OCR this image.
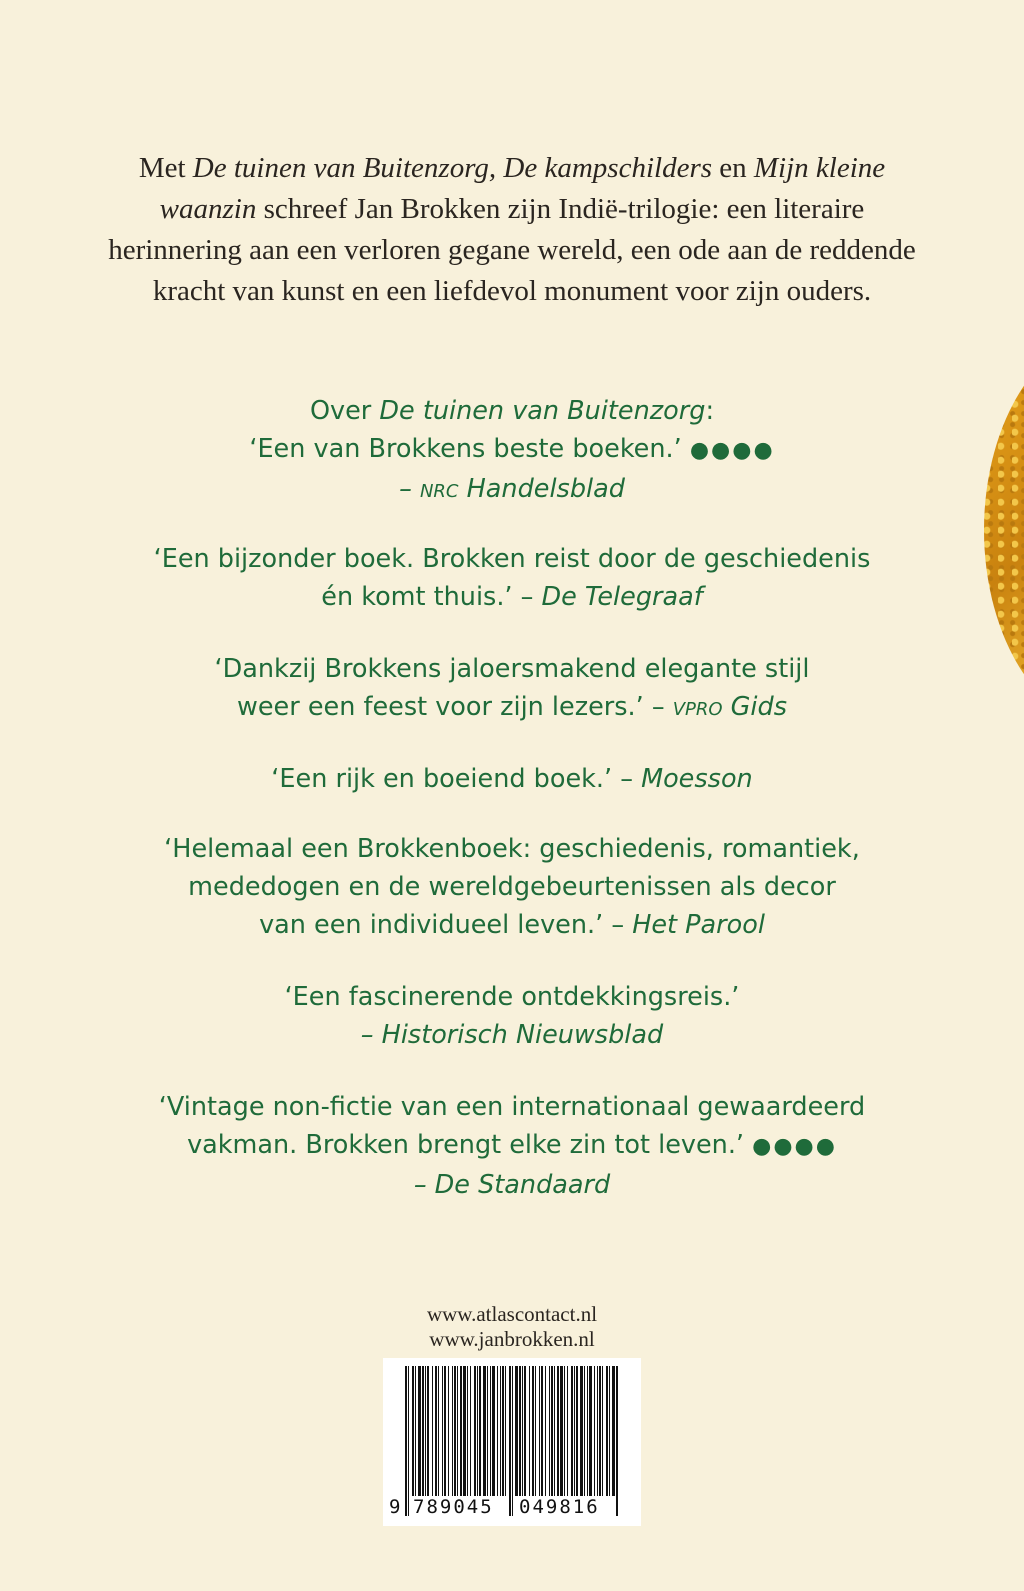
Met De tuinen van Buitenzorg, De kampschilders en Mijn kleine waanzin schreef Jan Brokken zijn Indië-trilogie: een literaire herinnering aan een verloren gegane wereld, een ode aan de reddende kracht van kunst en een liefdevol monument voor zijn ouders.

Over De tuinen van Buitenzorg:
‘Een van Brokkens beste boeken.’ ●●●●
– nrc Handelsblad
‘Een bijzonder boek. Brokken reist door de geschiedenis
én komt thuis.’ – De Telegraaf
‘Dankzij Brokkens jaloersmakend elegante stijl
weer een feest voor zijn lezers.’ – vpro Gids
‘Een rijk en boeiend boek.’ – Moesson
‘Helemaal een Brokkenboek: geschiedenis, romantiek,
mededogen en de wereldgebeurtenissen als decor
van een individueel leven.’ – Het Parool
‘Een fascinerende ontdekkingsreis.’
– Historisch Nieuwsblad
‘Vintage non-fictie van een internationaal gewaardeerd
vakman. Brokken brengt elke zin tot leven.’ ●●●●
– De Standaard
www.atlascontact.nl
www.janbrokken.nl
9 789045 049816
